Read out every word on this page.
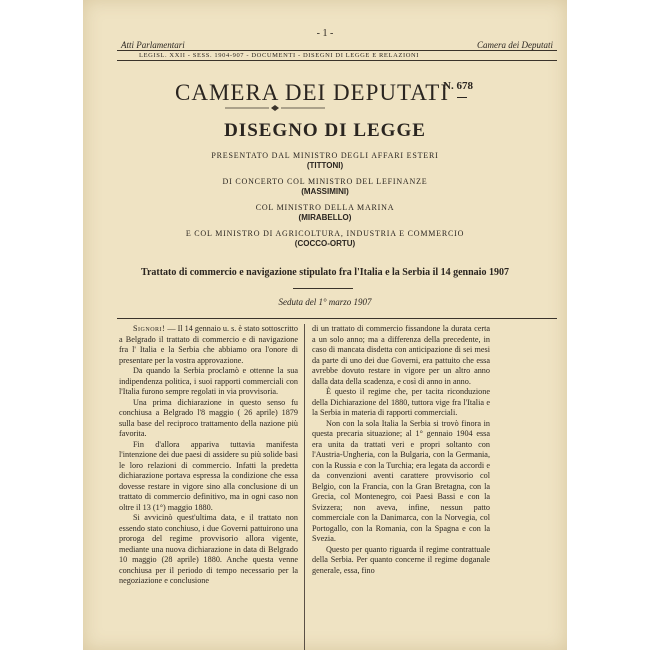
- 1 -
Atti Parlamentari	Camera dei Deputati
LEGISL. XXII - SESS. 1904-907 - DOCUMENTI - DISEGNI DI LEGGE E RELAZIONI
CAMERA DEI DEPUTATI
N. 678
DISEGNO DI LEGGE
PRESENTATO DAL MINISTRO DEGLI AFFARI ESTERI
(TITTONI)
DI CONCERTO COL MINISTRO DEL LEFINANZE
(MASSIMINI)
COL MINISTRO DELLA MARINA
(MIRABELLO)
E COL MINISTRO DI AGRICOLTURA, INDUSTRIA E COMMERCIO
(COCCO-ORTU)
Trattato di commercio e navigazione stipulato fra l'Italia e la Serbia il 14 gennaio 1907
Seduta del 1° marzo 1907

Signori! — Il 14 gennaio u. s. è stato sottoscritto a Belgrado il trattato di commercio e di navigazione fra l' Italia e la Serbia che abbiamo ora l'onore di presentare per la vostra approvazione.

Da quando la Serbia proclamò e ottenne la sua indipendenza politica, i suoi rapporti commerciali con l'Italia furono sempre regolati in via provvisoria.

Una prima dichiarazione in questo senso fu conchiusa a Belgrado l'8 maggio ( 26 aprile) 1879 sulla base del reciproco trattamento della nazione più favorita.

Fin d'allora appariva tuttavia manifesta l'intenzione dei due paesi di assidere su più solide basi le loro relazioni di commercio. Infatti la predetta dichiarazione portava espressa la condizione che essa dovesse restare in vigore sino alla conclusione di un trattato di commercio definitivo, ma in ogni caso non oltre il 13 (1°) maggio 1880.

Si avvicinò quest'ultima data, e il trattato non essendo stato conchiuso, i due Governi pattuirono una proroga del regime provvisorio allora vigente, mediante una nuova dichiarazione in data di Belgrado 10 maggio (28 aprile) 1880. Anche questa venne conchiusa per il periodo di tempo necessario per la negoziazione e conclusione

di un trattato di commercio fissandone la durata certa a un solo anno; ma a differenza della precedente, in caso di mancata disdetta con anticipazione di sei mesi da parte di uno dei due Governi, era pattuito che essa avrebbe dovuto restare in vigore per un altro anno dalla data della scadenza, e così di anno in anno.

È questo il regime che, per tacita riconduzione della Dichiarazione del 1880, tuttora vige fra l'Italia e la Serbia in materia di rapporti commerciali.

Non con la sola Italia la Serbia si trovò finora in questa precaria situazione; al 1° gennaio 1904 essa era unita da trattati veri e propri soltanto con l'Austria-Ungheria, con la Bulgaria, con la Germania, con la Russia e con la Turchia; era legata da accordi e da convenzioni aventi carattere provvisorio col Belgio, con la Francia, con la Gran Bretagna, con la Grecia, col Montenegro, coi Paesi Bassi e con la Svizzera; non aveva, infine, nessun patto commerciale con la Danimarca, con la Norvegia, col Portogallo, con la Romania, con la Spagna e con la Svezia.

Questo per quanto riguarda il regime contrattuale della Serbia. Per quanto concerne il regime doganale generale, essa, fino
